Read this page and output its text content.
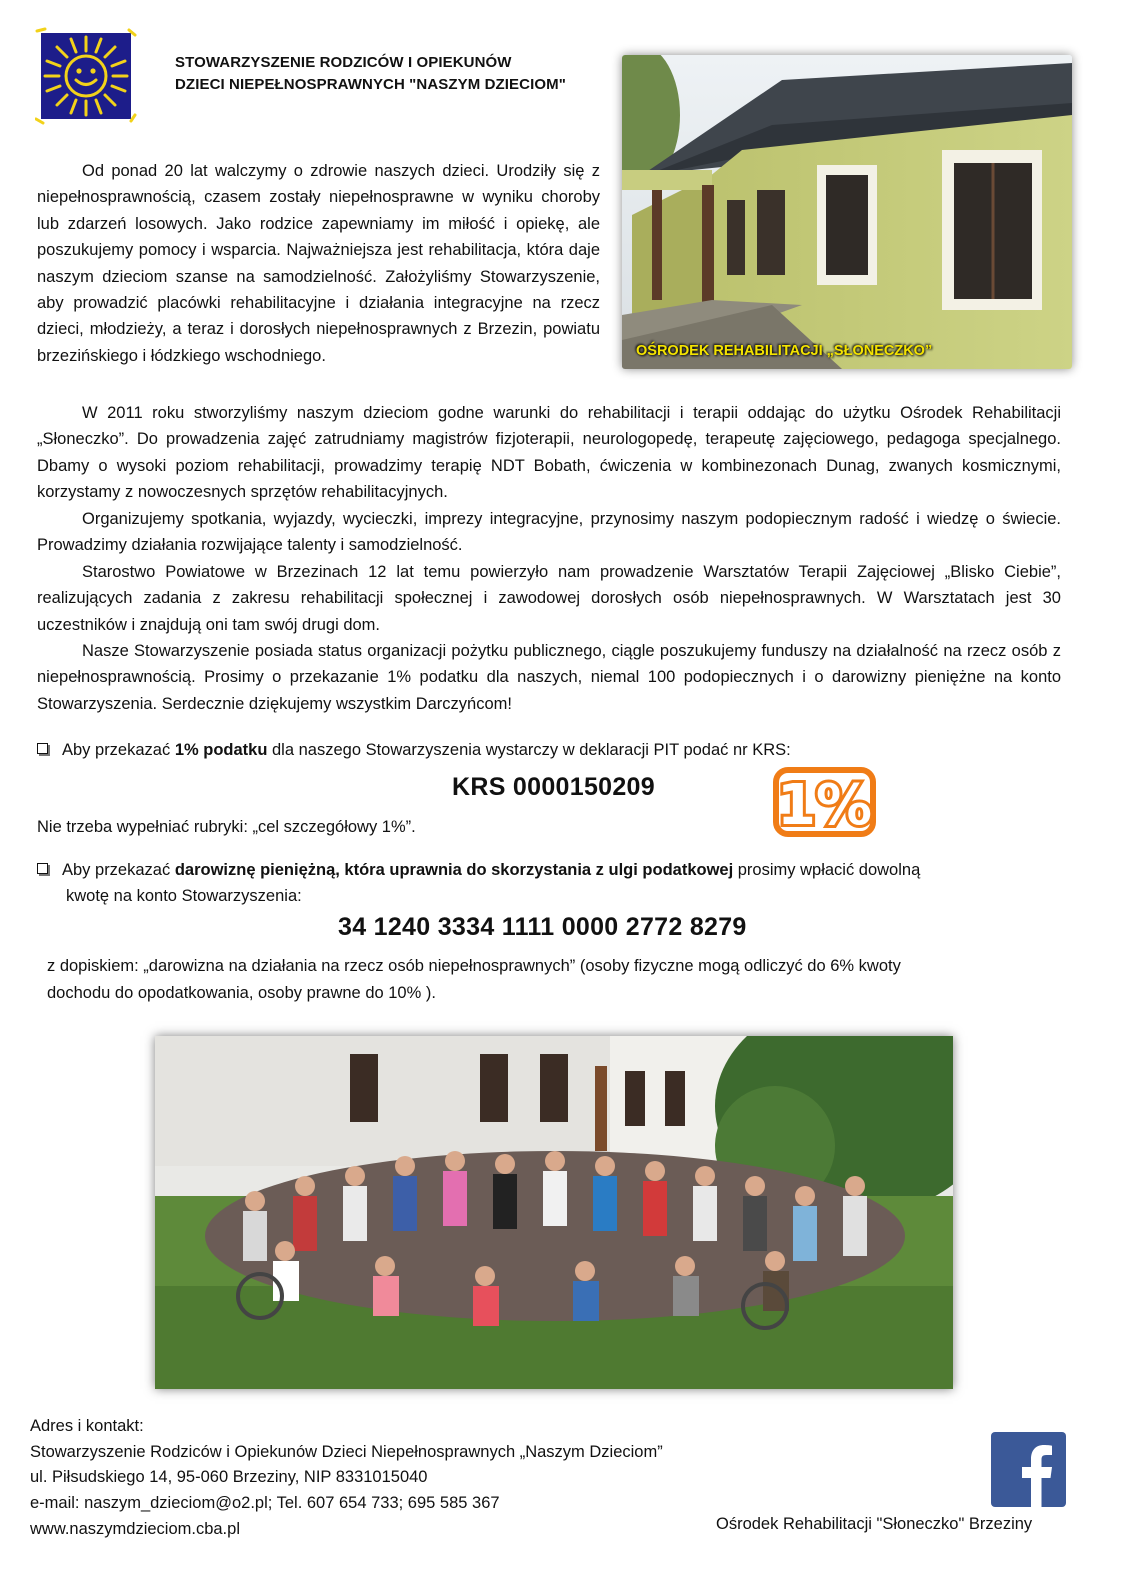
STOWARZYSZENIE RODZICÓW I OPIEKUNÓW
DZIECI NIEPEŁNOSPRAWNYCH "NASZYM DZIECIOM"
OŚRODEK REHABILITACJI „SŁONECZKO”

Od ponad 20 lat walczymy o zdrowie naszych dzieci. Urodziły się z niepełnosprawnością, czasem zostały niepełnosprawne w wyniku choroby lub zdarzeń losowych. Jako rodzice zapewniamy im miłość i opiekę, ale poszukujemy pomocy i wsparcia. Najważniejsza jest rehabilitacja, która daje naszym dzieciom szanse na samodzielność. Założyliśmy Stowarzyszenie, aby prowadzić placówki rehabilitacyjne i działania integracyjne na rzecz dzieci, młodzieży, a teraz i dorosłych niepełnosprawnych z Brzezin, powiatu brzezińskiego i łódzkiego wschodniego.

W 2011 roku stworzyliśmy naszym dzieciom godne warunki do rehabilitacji i terapii oddając do użytku Ośrodek Rehabilitacji „Słoneczko”. Do prowadzenia zajęć zatrudniamy magistrów fizjoterapii, neurologopedę, terapeutę zajęciowego, pedagoga specjalnego. Dbamy o wysoki poziom rehabilitacji, prowadzimy terapię NDT Bobath, ćwiczenia w kombinezonach Dunag, zwanych kosmicznymi, korzystamy z nowoczesnych sprzętów rehabilitacyjnych.

Organizujemy spotkania, wyjazdy, wycieczki, imprezy integracyjne, przynosimy naszym podopiecznym radość i wiedzę o świecie. Prowadzimy działania rozwijające talenty i samodzielność.

Starostwo Powiatowe w Brzezinach 12 lat temu powierzyło nam prowadzenie Warsztatów Terapii Zajęciowej „Blisko Ciebie”, realizujących zadania z zakresu rehabilitacji społecznej i zawodowej dorosłych osób niepełnosprawnych. W Warsztatach jest 30 uczestników i znajdują oni tam swój drugi dom.

Nasze Stowarzyszenie posiada status organizacji pożytku publicznego, ciągle poszukujemy funduszy na działalność na rzecz osób z niepełnosprawnością. Prosimy o przekazanie 1% podatku dla naszych, niemal 100 podopiecznych i o darowizny pieniężne na konto Stowarzyszenia. Serdecznie dziękujemy wszystkim Darczyńcom!

Aby przekazać 1% podatku dla naszego Stowarzyszenia wystarczy w deklaracji PIT podać nr KRS:
KRS 0000150209
Nie trzeba wypełniać rubryki: „cel szczegółowy 1%”.	1%
Aby przekazać darowiznę pieniężną, która uprawnia do skorzystania z ulgi podatkowej prosimy wpłacić dowolną
kwotę na konto Stowarzyszenia:
34 1240 3334 1111 0000 2772 8279
z dopiskiem: „darowizna na działania na rzecz osób niepełnosprawnych” (osoby fizyczne mogą odliczyć do 6% kwoty
dochodu do opodatkowania, osoby prawne do 10% ).
Adres i kontakt:
Stowarzyszenie Rodziców i Opiekunów Dzieci Niepełnosprawnych „Naszym Dzieciom”
ul. Piłsudskiego 14, 95-060 Brzeziny, NIP 8331015040
e-mail: naszym_dzieciom@o2.pl; Tel. 607 654 733; 695 585 367
www.naszymdzieciom.cba.pl	Ośrodek Rehabilitacji "Słoneczko" Brzeziny
